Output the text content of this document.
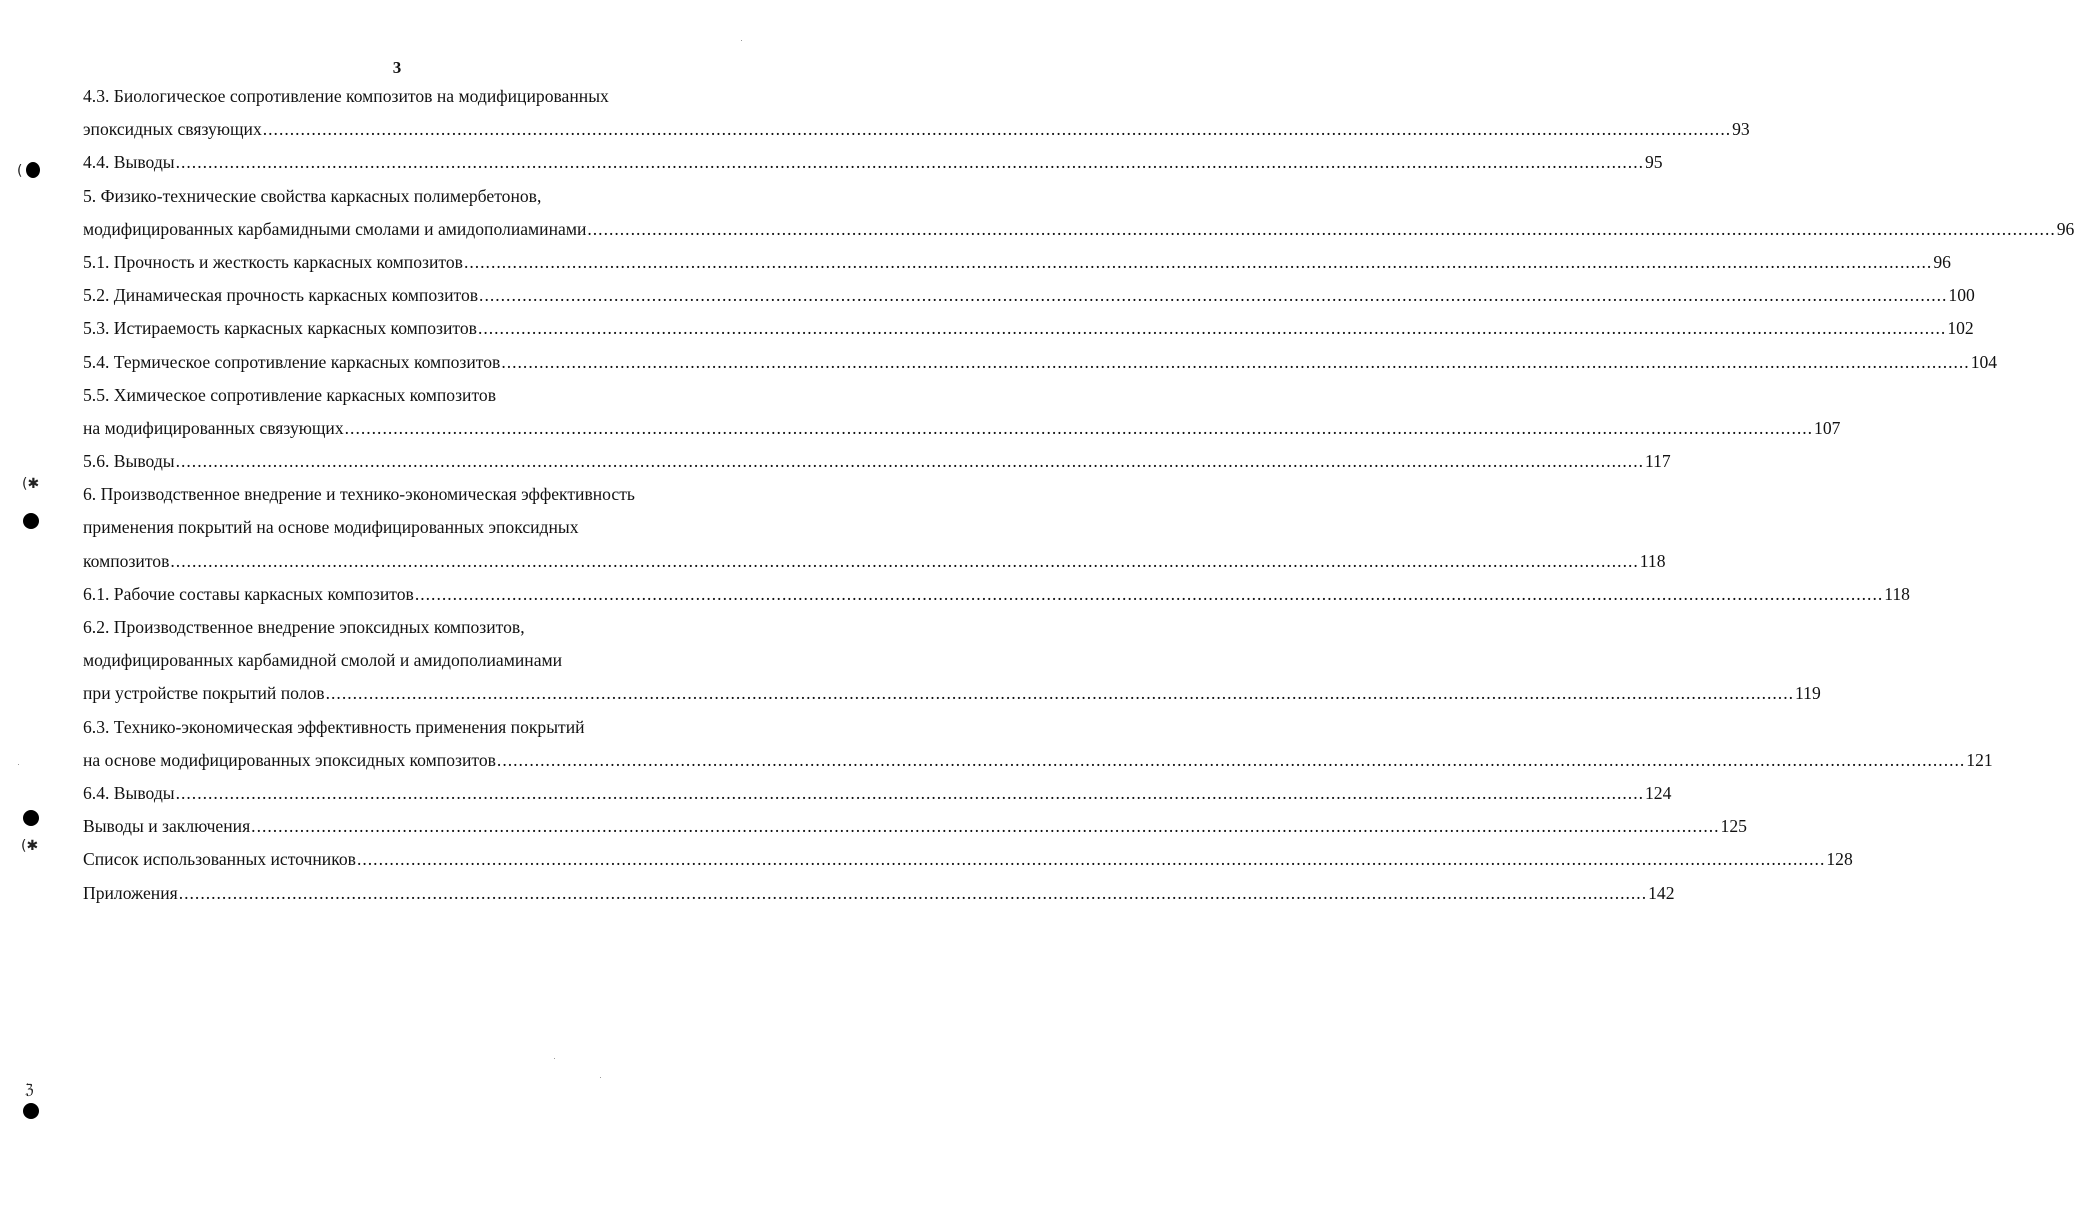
3
4.3. Биологическое сопротивление композитов на модифицированных
эпоксидных связующих .....	93
4.4. Выводы .....	95
5. Физико-технические свойства каркасных полимербетонов,
модифицированных карбамидными смолами и амидополиаминами .....	96
5.1. Прочность и жесткость каркасных композитов .....	96
5.2. Динамическая прочность каркасных композитов .....	100
5.3. Истираемость каркасных каркасных композитов .....	102
5.4. Термическое сопротивление каркасных композитов .....	104
5.5. Химическое сопротивление каркасных композитов
на модифицированных связующих .....	107
5.6. Выводы .....	117
6. Производственное внедрение и технико-экономическая эффективность
применения покрытий на основе модифицированных эпоксидных
композитов .....	118
6.1. Рабочие составы каркасных композитов .....	118
6.2. Производственное внедрение эпоксидных композитов,
модифицированных карбамидной смолой и амидополиаминами
при устройстве покрытий полов .....	119
6.3. Технико-экономическая эффективность применения покрытий
на основе модифицированных эпоксидных композитов .....	121
6.4. Выводы .....	124
Выводы и заключения .....	125
Список использованных источников .....	128
Приложения .....	142
(
(✱
(✱
ℨ
